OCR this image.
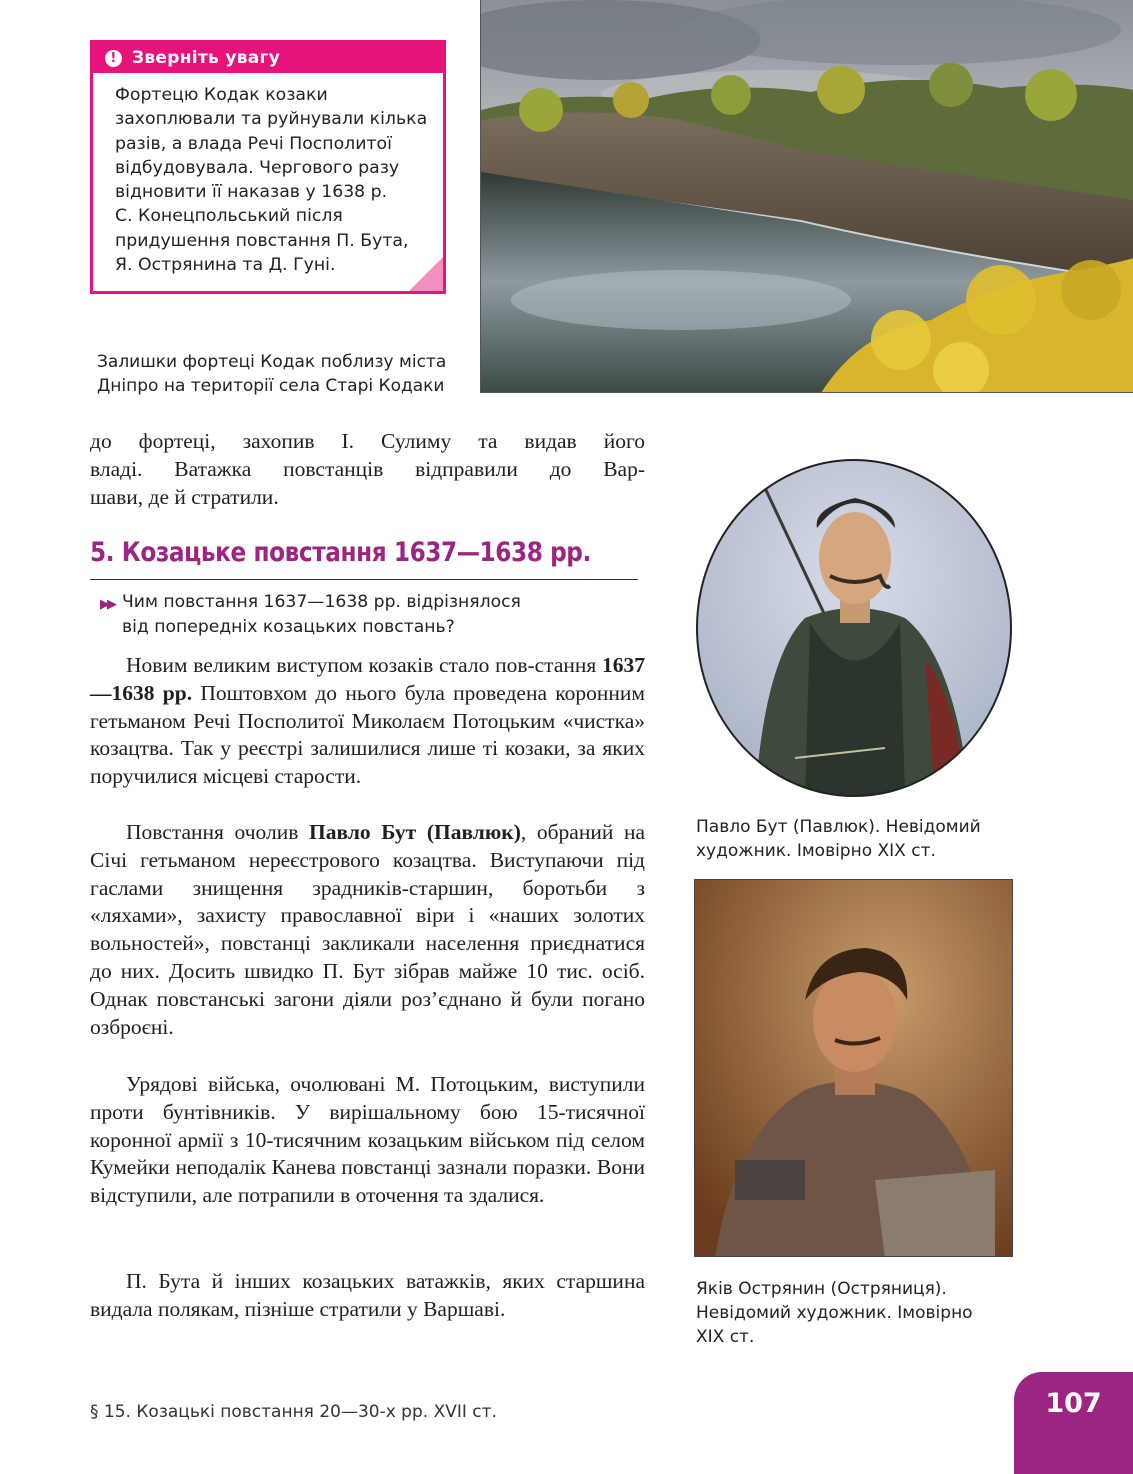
! Зверніть увагу
Фортецю Кодак козаки
захоплювали та руйнували кілька
разів, а влада Речі Посполитої
відбудовувала. Чергового разу
відновити її наказав у 1638 р.
С. Конецпольський після
придушення повстання П. Бута,
Я. Острянина та Д. Гуні.
Залишки фортеці Кодак поблизу міста
Дніпро на території села Старі Кодаки
до фортеці, захопив І. Сулиму та видав його
владі. Ватажка повстанців відправили до Вар-
шави, де й стратили.
5. Козацьке повстання 1637—1638 рр.
▶▶ Чим повстання 1637—1638 рр. відрізнялося
від попередніх козацьких повстань?
Новим великим виступом козаків стало пов-стання 1637—1638 рр. Поштовхом до нього була проведена коронним гетьманом Речі Посполитої Миколаєм Потоцьким «чистка» козацтва. Так у реєстрі залишилися лише ті козаки, за яких поручилися місцеві старости.
Повстання очолив Павло Бут (Павлюк), обраний на Січі гетьманом нереєстрового козацтва. Виступаючи під гаслами знищення зрадників-старшин, боротьби з «ляхами», захисту православної віри і «наших золотих вольностей», повстанці закликали населення приєднатися до них. Досить швидко П. Бут зібрав майже 10 тис. осіб. Однак повстанські загони діяли роз’єднано й були погано озброєні.
Урядові війська, очолювані М. Потоцьким, виступили проти бунтівників. У вирішальному бою 15-тисячної коронної армії з 10-тисячним козацьким військом під селом Кумейки неподалік Канева повстанці зазнали поразки. Вони відступили, але потрапили в оточення та здалися.
П. Бута й інших козацьких ватажків, яких старшина видала полякам, пізніше стратили у Варшаві.
Павло Бут (Павлюк). Невідомий
художник. Імовірно XIX ст.
Яків Острянин (Остряниця).
Невідомий художник. Імовірно
XIX ст.
§ 15. Козацькі повстання 20—30-х рр. XVII ст.	107
